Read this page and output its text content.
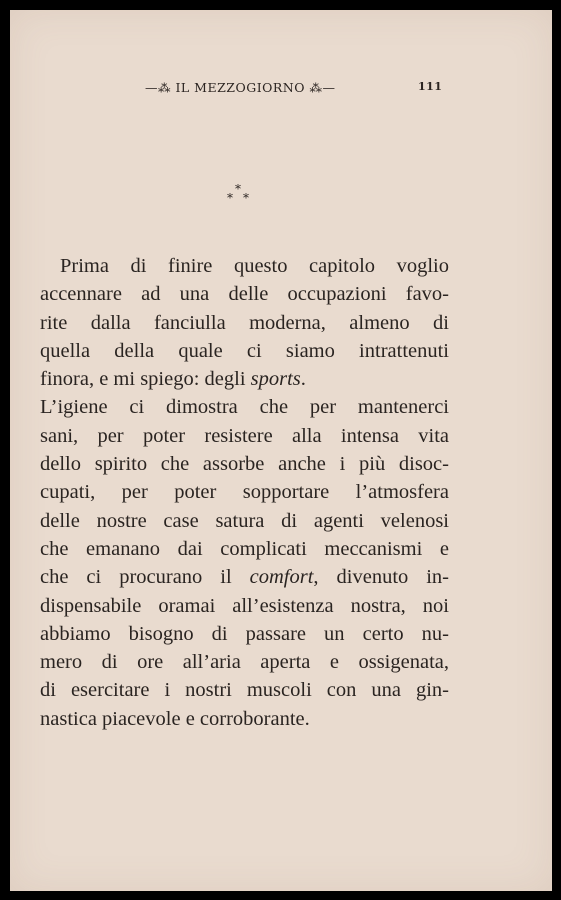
—⁂ IL MEZZOGIORNO ⁂—	111
⁎
⁎ ⁎

Prima di finire questo capitolo voglio
accennare ad una delle occupazioni favo-
rite dalla fanciulla moderna, almeno di
quella della quale ci siamo intrattenuti
finora, e mi spiego: degli sports.

L’igiene ci dimostra che per mantenerci
sani, per poter resistere alla intensa vita
dello spirito che assorbe anche i più disoc-
cupati, per poter sopportare l’atmosfera
delle nostre case satura di agenti velenosi
che emanano dai complicati meccanismi e
che ci procurano il comfort, divenuto in-
dispensabile oramai all’esistenza nostra, noi
abbiamo bisogno di passare un certo nu-
mero di ore all’aria aperta e ossigenata,
di esercitare i nostri muscoli con una gin-
nastica piacevole e corroborante.
